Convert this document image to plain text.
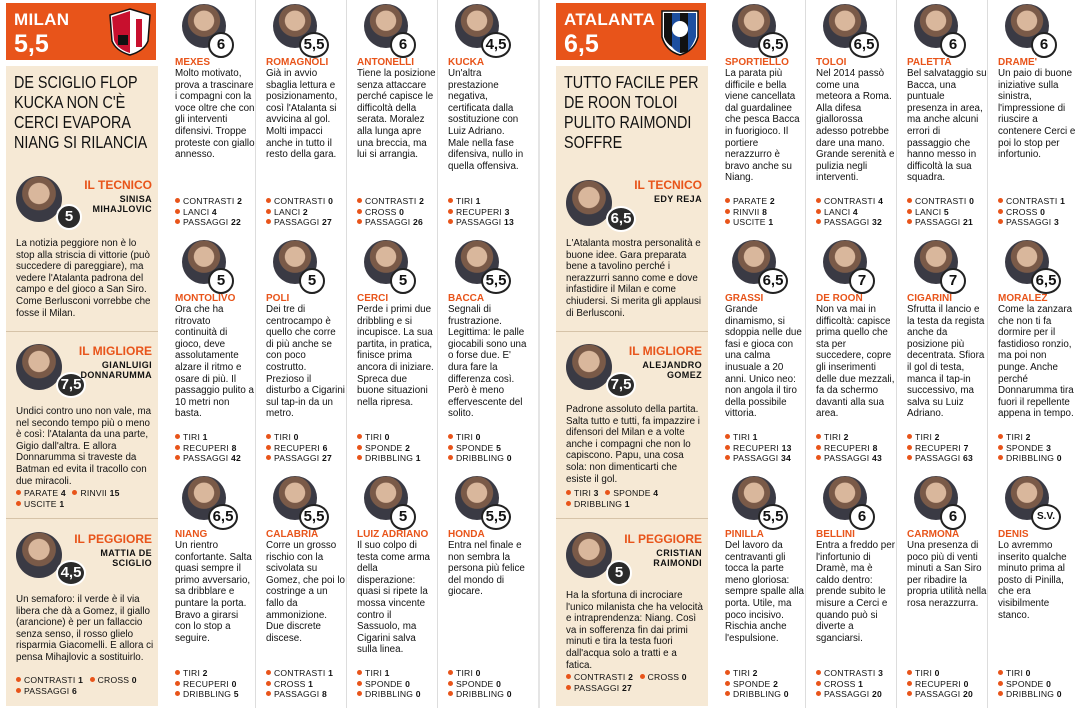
MILAN
5,5
DE SCIGLIO FLOP KUCKA NON C'È CERCI EVAPORA NIANG SI RILANCIA
5
IL TECNICO
SINISA MIHAJLOVIC
La notizia peggiore non è lo stop alla striscia di vittorie (può succedere di pareggiare), ma vedere l'Atalanta padrona del campo e del gioco a San Siro. Come Berlusconi vorrebbe che fosse il Milan.
7,5
IL MIGLIORE
GIANLUIGI DONNARUMMA
Undici contro uno non vale, ma nel secondo tempo più o meno è così: l'Atalanta da una parte, Gigio dall'altra. E allora Donnarumma si traveste da Batman ed evita il tracollo con due miracoli.
PARATE 4 RINVII 15 USCITE 1
4,5
IL PEGGIORE
MATTIA DE SCIGLIO
Un semaforo: il verde è il via libera che dà a Gomez, il giallo (arancione) è per un fallaccio senza senso, il rosso glielo risparmia Giacomelli. E allora ci pensa Mihajlovic a sostituirlo.
CONTRASTI 1 CROSS 0 PASSAGGI 6
6
MEXES
Molto motivato, prova a trascinare i compagni con la voce oltre che con gli interventi difensivi. Troppe proteste con giallo annesso.
CONTRASTI 2
LANCI 4
PASSAGGI 22
5
MONTOLIVO
Ora che ha ritrovato continuità di gioco, deve assolutamente alzare il ritmo e osare di più. Il passaggio pulito a 10 metri non basta.
TIRI 1
RECUPERI 8
PASSAGGI 42
6,5
NIANG
Un rientro confortante. Salta quasi sempre il primo avversario, sa dribblare e puntare la porta. Bravo a girarsi con lo stop a seguire.
TIRI 2
RECUPERI 0
DRIBBLING 5
5,5
ROMAGNOLI
Già in avvio sbaglia lettura e posizionamento, così l'Atalanta si avvicina al gol. Molti impacci anche in tutto il resto della gara.
CONTRASTI 0
LANCI 2
PASSAGGI 27
5
POLI
Dei tre di centrocampo è quello che corre di più anche se con poco costrutto. Prezioso il disturbo a Cigarini sul tap-in da un metro.
TIRI 0
RECUPERI 6
PASSAGGI 27
5,5
CALABRIA
Corre un grosso rischio con la scivolata su Gomez, che poi lo costringe a un fallo da ammonizione. Due discrete discese.
CONTRASTI 1
CROSS 1
PASSAGGI 8
6
ANTONELLI
Tiene la posizione senza attaccare perché capisce le difficoltà della serata. Moralez alla lunga apre una breccia, ma lui si arrangia.
CONTRASTI 2
CROSS 0
PASSAGGI 26
5
CERCI
Perde i primi due dribbling e si incupisce. La sua partita, in pratica, finisce prima ancora di iniziare. Spreca due buone situazioni nella ripresa.
TIRI 0
SPONDE 2
DRIBBLING 1
5
LUIZ ADRIANO
Il suo colpo di testa come arma della disperazione: quasi si ripete la mossa vincente contro il Sassuolo, ma Cigarini salva sulla linea.
TIRI 1
SPONDE 0
DRIBBLING 0
4,5
KUCKA
Un'altra prestazione negativa, certificata dalla sostituzione con Luiz Adriano. Male nella fase difensiva, nullo in quella offensiva.
TIRI 1
RECUPERI 3
PASSAGGI 13
5,5
BACCA
Segnali di frustrazione. Legittima: le palle giocabili sono una o forse due. E' dura fare la differenza così. Però è meno effervescente del solito.
TIRI 0
SPONDE 5
DRIBBLING 0
5,5
HONDA
Entra nel finale e non sembra la persona più felice del mondo di giocare.
TIRI 0
SPONDE 0
DRIBBLING 0
ATALANTA
6,5
TUTTO FACILE PER DE ROON TOLOI PULITO RAIMONDI SOFFRE
6,5
IL TECNICO
EDY REJA
L'Atalanta mostra personalità e buone idee. Gara preparata bene a tavolino perché i nerazzurri sanno come e dove infastidire il Milan e come chiudersi. Si merita gli applausi di Berlusconi.
7,5
IL MIGLIORE
ALEJANDRO GOMEZ
Padrone assoluto della partita. Salta tutto e tutti, fa impazzire i difensori del Milan e a volte anche i compagni che non lo capiscono. Papu, una cosa sola: non dimenticarti che esiste il gol.
TIRI 3 SPONDE 4 DRIBBLING 1
5
IL PEGGIORE
CRISTIAN RAIMONDI
Ha la sfortuna di incrociare l'unico milanista che ha velocità e intraprendenza: Niang. Così va in sofferenza fin dai primi minuti e tira la testa fuori dall'acqua solo a tratti e a fatica.
CONTRASTI 2 CROSS 0 PASSAGGI 27
6,5
SPORTIELLO
La parata più difficile e bella viene cancellata dal guardalinee che pesca Bacca in fuorigioco. Il portiere nerazzurro è bravo anche su Niang.
PARATE 2
RINVII 8
USCITE 1
6,5
GRASSI
Grande dinamismo, si sdoppia nelle due fasi e gioca con una calma inusuale a 20 anni. Unico neo: non angola il tiro della possibile vittoria.
TIRI 1
RECUPERI 13
PASSAGGI 34
5,5
PINILLA
Del lavoro da centravanti gli tocca la parte meno gloriosa: sempre spalle alla porta. Utile, ma poco incisivo. Rischia anche l'espulsione.
TIRI 2
SPONDE 2
DRIBBLING 0
6,5
TOLOI
Nel 2014 passò come una meteora a Roma. Alla difesa giallorossa adesso potrebbe dare una mano. Grande serenità e pulizia negli interventi.
CONTRASTI 4
LANCI 4
PASSAGGI 32
7
DE ROON
Non va mai in difficoltà: capisce prima quello che sta per succedere, copre gli inserimenti delle due mezzali, fa da schermo davanti alla sua area.
TIRI 2
RECUPERI 8
PASSAGGI 43
6
BELLINI
Entra a freddo per l'infortunio di Dramè, ma è caldo dentro: prende subito le misure a Cerci e quando può si diverte a sganciarsi.
CONTRASTI 3
CROSS 1
PASSAGGI 20
6
PALETTA
Bel salvataggio su Bacca, una puntuale presenza in area, ma anche alcuni errori di passaggio che hanno messo in difficoltà la sua squadra.
CONTRASTI 0
LANCI 5
PASSAGGI 21
7
CIGARINI
Sfrutta il lancio e la testa da regista anche da posizione più decentrata. Sfiora il gol di testa, manca il tap-in successivo, ma salva su Luiz Adriano.
TIRI 2
RECUPERI 7
PASSAGGI 63
6
CARMONA
Una presenza di poco più di venti minuti a San Siro per ribadire la propria utilità nella rosa nerazzurra.
TIRI 0
RECUPERI 0
PASSAGGI 20
6
DRAME'
Un paio di buone iniziative sulla sinistra, l'impressione di riuscire a contenere Cerci e poi lo stop per infortunio.
CONTRASTI 1
CROSS 0
PASSAGGI 3
6,5
MORALEZ
Come la zanzara che non ti fa dormire per il fastidioso ronzio, ma poi non punge. Anche perché Donnarumma tira fuori il repellente appena in tempo.
TIRI 2
SPONDE 3
DRIBBLING 0
S.V.
DENIS
Lo avremmo inserito qualche minuto prima al posto di Pinilla, che era visibilmente stanco.
TIRI 0
SPONDE 0
DRIBBLING 0
